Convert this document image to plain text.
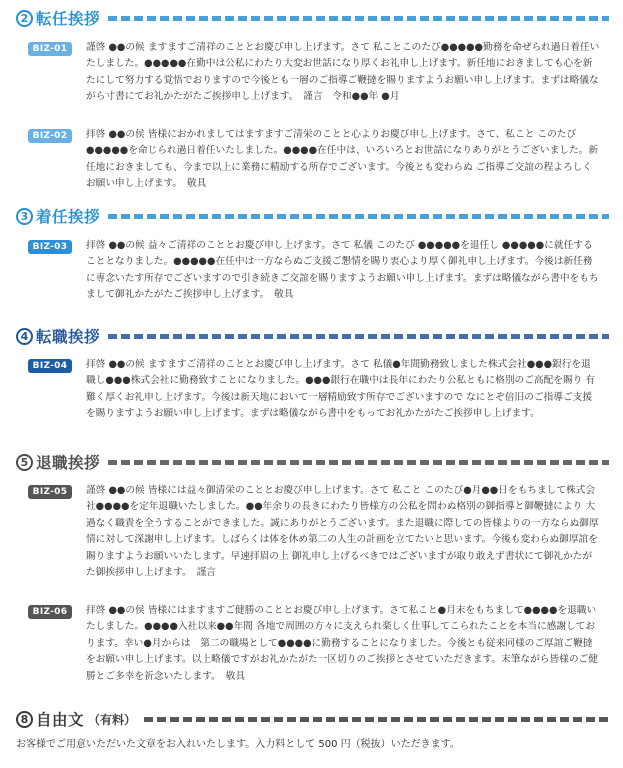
2 転任挨拶
BIZ-01	謹啓 ●●の候 ますますご清祥のこととお慶び申し上げます。さて 私ことこのたび●●●●●勤務を命ぜられ過日着任いたしました。●●●●●在勤中は公私にわたり大変お世話になり厚くお礼申し上げます。新任地におきましても心を新たにして努力する覚悟でおりますので今後とも一層のご指導ご鞭撻を賜りますようお願い申し上げます。まずは略儀ながら寸書にてお礼かたがたご挨拶申し上げます。　謹言　令和●●年 ●月

BIZ-02	拝啓 ●●の侯 皆様におかれましてはますますご清栄のことと心よりお慶び申し上げます。さて、私こと このたび●●●●●を命じられ過日着任いたしました。●●●●在任中は、いろいろとお世話になりありがとうございました。新任地におきましても、今まで以上に業務に精励する所存でございます。今後とも変わらぬ ご指導ご交誼の程よろしくお願い申し上げます。　敬具

3 着任挨拶
BIZ-03	拝啓 ●●の候 益々ご清祥のこととお慶び申し上げます。さて 私儀 このたび ●●●●●を退任し ●●●●●に就任することとなりました。●●●●●在任中は一方ならぬご支援ご懇情を賜り衷心より厚く御礼申し上げます。今後は新任務に専念いたす所存でございますので引き続きご交誼を賜りますようお願い申し上げます。まずは略儀ながら書中をもちまして御礼かたがたご挨拶申し上げます。　敬具

4 転職挨拶
BIZ-04	拝啓 ●●の候 ますますご清祥のこととお慶び申し上げます。さて 私儀●年間勤務致しました株式会社●●●銀行を退職し●●●株式会社に勤務致すことになりました。●●●銀行在職中は長年にわたり公私ともに格別のご高配を賜り 有難く厚くお礼申し上げます。今後は新天地において一層精励致す所存でございますので なにとぞ倍旧のご指導ご支援を賜りますようお願い申し上げます。まずは略儀ながら書中をもってお礼かたがたご挨拶申し上げます。

5 退職挨拶
BIZ-05	謹啓 ●●の候 皆様には益々御清栄のこととお慶び申し上げます。さて 私こと このたび●月●●日をもちまして株式会社●●●●を定年退職いたしました。●●年余りの長きにわたり皆様方の公私を問わぬ格別の御指導と御鞭撻により 大過なく職責を全うすることができました。誠にありがとうございます。また退職に際しての皆様よりの一方ならぬ御厚情に対して深謝申し上げます。しばらくは体を休め第二の人生の計画を立てたいと思います。今後も変わらぬ御厚誼を賜りますようお願いいたします。早速拝眉の上 御礼申し上げるべきではございますが取り敢えず書状にて御礼かたがた御挨拶申し上げます。　謹言

BIZ-06	拝啓 ●●の侯 皆様にはますますご健勝のこととお慶び申し上げます。さて私こと●月末をもちまして●●●●を退職いたしました。●●●●入社以来●●年間 各地で周囲の方々に支えられ楽しく仕事してこられたことを本当に感謝しております。幸い●月からは　第二の職場として●●●●に勤務することになりました。今後とも従来同様のご厚誼ご鞭撻をお願い申し上げます。以上略儀ですがお礼かたがた一区切りのご挨拶とさせていただきます。末筆ながら皆様のご健勝とご多幸を祈念いたします。　敬具

8 自由文 （有料）

お客様でご用意いただいた文章をお入れいたします。入力料として 500 円（税抜）いただきます。
